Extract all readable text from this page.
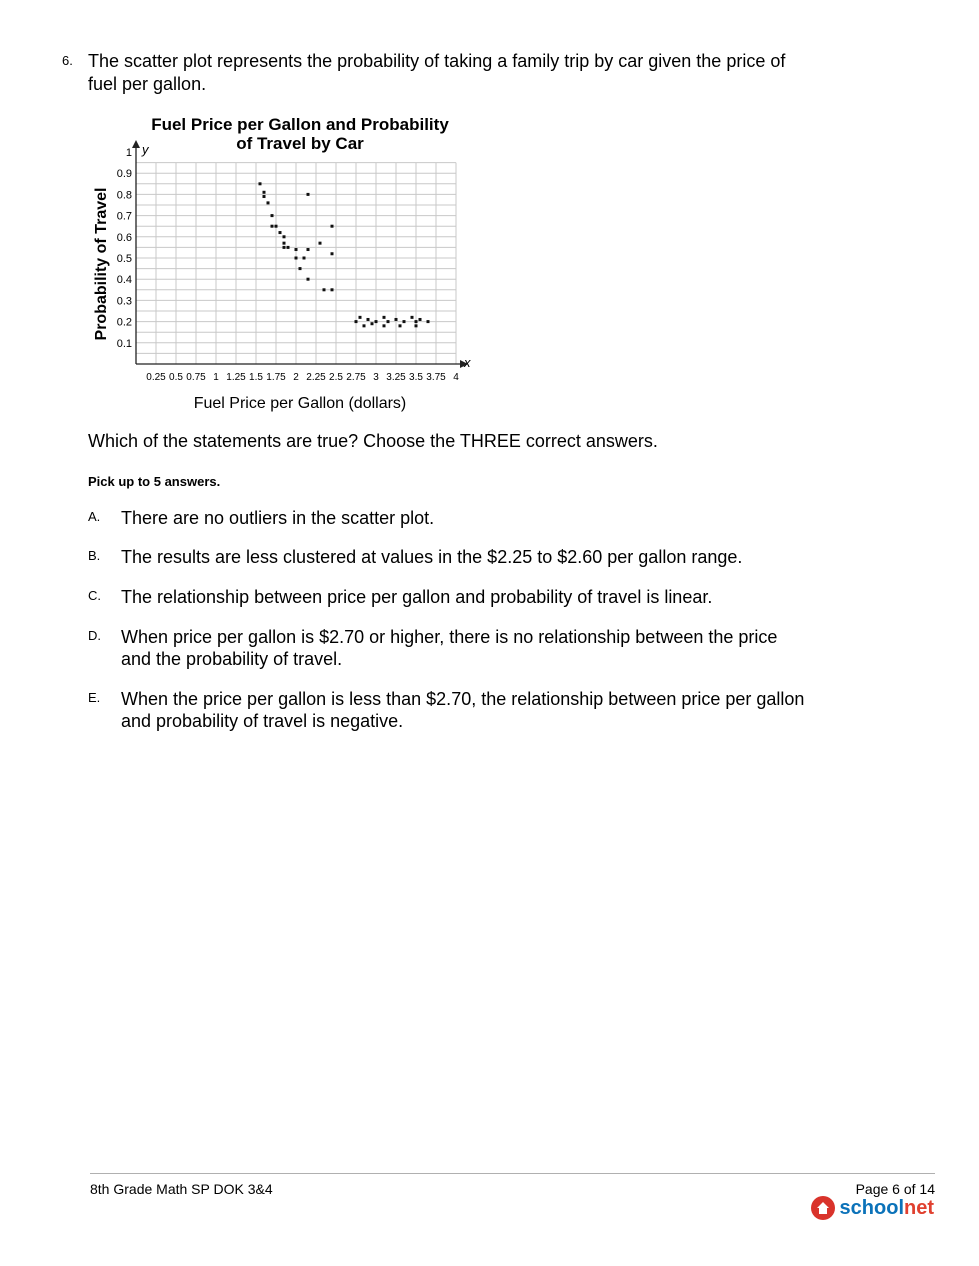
6. The scatter plot represents the probability of taking a family trip by car given the price of fuel per gallon.
Fuel Price per Gallon and Probability
of Travel by Car
0.1
0.2
0.3
0.4
0.5
0.6
0.7
0.8
0.9
1
0.25 0.5 0.75 1 1.25 1.5 1.75 2 2.25 2.5 2.75 3 3.25 3.5 3.75 4
x
y
Probability of Travel
Fuel Price per Gallon (dollars)
Which of the statements are true? Choose the THREE correct answers.
Pick up to 5 answers.
A. There are no outliers in the scatter plot.
B. The results are less clustered at values in the $2.25 to $2.60 per gallon range.
C. The relationship between price per gallon and probability of travel is linear.
D. When price per gallon is $2.70 or higher, there is no relationship between the price and the probability of travel.
E. When the price per gallon is less than $2.70, the relationship between price per gallon and probability of travel is negative.
8th Grade Math SP DOK 3&4	Page 6 of 14
schoolnet
